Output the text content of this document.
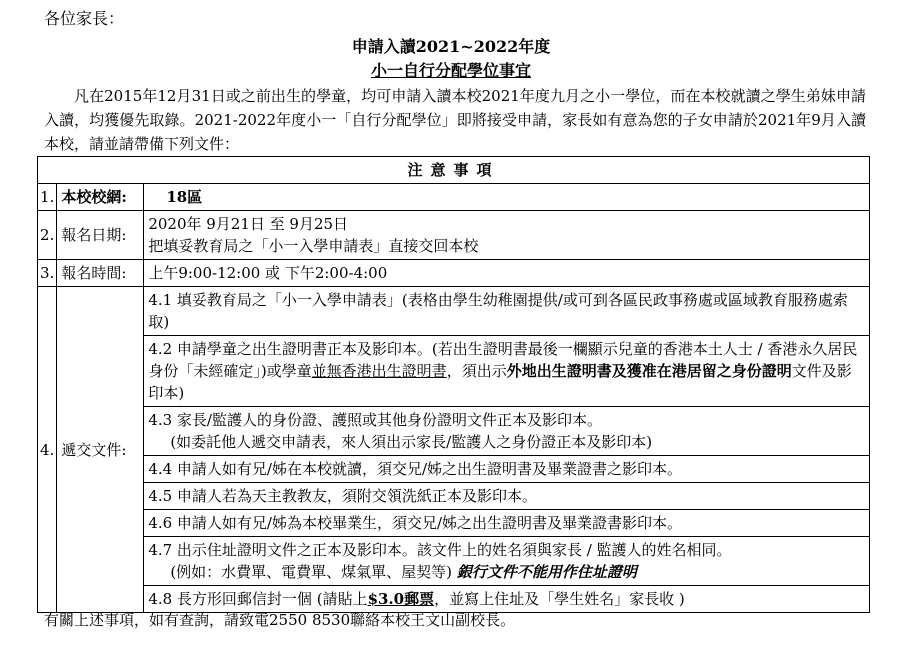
各位家長：
申請入讀2021~2022年度
小一自行分配學位事宜
凡在2015年12月31日或之前出生的學童，均可申請入讀本校2021年度九月之小一學位，而在本校就讀之學生弟妹申請入讀，均獲優先取錄。2021-2022年度小一「自行分配學位」即將接受申請，家長如有意為您的子女申請於2021年9月入讀本校，請並請帶備下列文件：
注意事項		
1.	本校校網:	18區
2.	報名日期:	2020年 9月21日 至 9月25日
把填妥教育局之「小一入學申請表」直接交回本校

3.	報名時間:	上午9:00-12:00 或 下午2:00-4:00
4.	遞交文件:	4.1 填妥教育局之「小一入學申請表」(表格由學生幼稚園提供/或可到各區民政事務處或區域教育服務處索取)
		4.2 申請學童之出生證明書正本及影印本。(若出生證明書最後一欄顯示兒童的香港本土人士 / 香港永久居民身份「未經確定」)或學童並無香港出生證明書，須出示外地出生證明書及獲准在港居留之身份證明文件及影印本)

		4.3 家長/監護人的身份證、護照或其他身份證明文件正本及影印本。
(如委託他人遞交申請表，來人須出示家長/監護人之身份證正本及影印本)

		4.4 申請人如有兄/姊在本校就讀，須交兄/姊之出生證明書及畢業證書之影印本。
		4.5 申請人若為天主教教友，須附交領洗紙正本及影印本。
		4.6 申請人如有兄/姊為本校畢業生，須交兄/姊之出生證明書及畢業證書影印本。

		4.7 出示住址證明文件之正本及影印本。該文件上的姓名須與家長 / 監護人的姓名相同。
(例如：水費單、電費單、煤氣單、屋契等) 銀行文件不能用作住址證明

		4.8 長方形回郵信封一個 (請貼上$3.0郵票，並寫上住址及「學生姓名」家長收 )
有關上述事項，如有查詢，請致電2550 8530聯絡本校王文山副校長。
